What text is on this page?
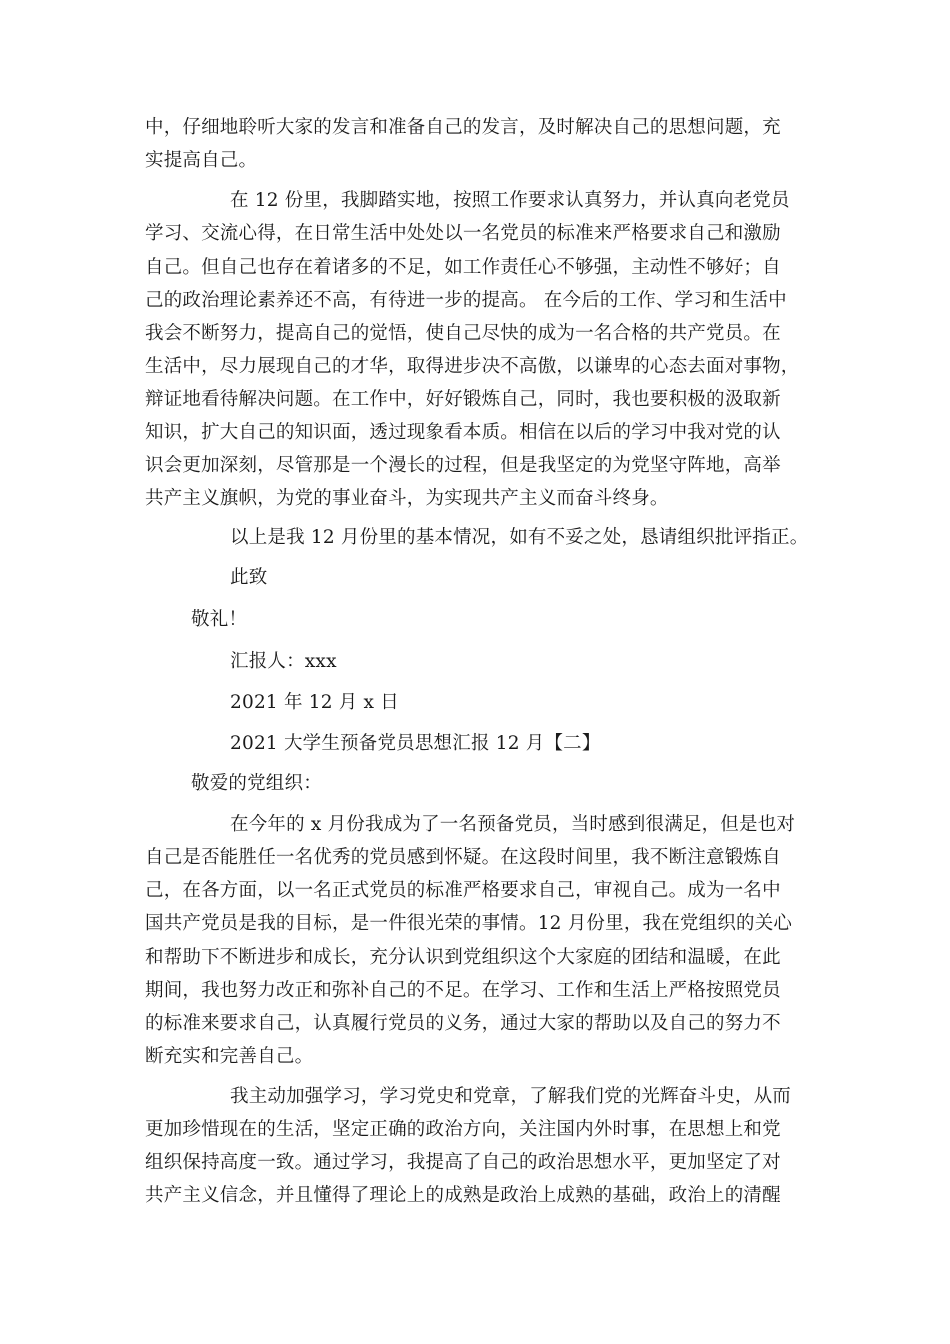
中，仔细地聆听大家的发言和准备自己的发言，及时解决自己的思想问题，充
实提高自己。
在 12 份里，我脚踏实地，按照工作要求认真努力，并认真向老党员
学习、交流心得，在日常生活中处处以一名党员的标准来严格要求自己和激励
自己。但自己也存在着诸多的不足，如工作责任心不够强，主动性不够好；自
己的政治理论素养还不高，有待进一步的提高。 在今后的工作、学习和生活中
我会不断努力，提高自己的觉悟，使自己尽快的成为一名合格的共产党员。在
生活中，尽力展现自己的才华，取得进步决不高傲，以谦卑的心态去面对事物，
辩证地看待解决问题。在工作中，好好锻炼自己，同时，我也要积极的汲取新
知识，扩大自己的知识面，透过现象看本质。相信在以后的学习中我对党的认
识会更加深刻，尽管那是一个漫长的过程，但是我坚定的为党坚守阵地，高举
共产主义旗帜，为党的事业奋斗，为实现共产主义而奋斗终身。
以上是我 12 月份里的基本情况，如有不妥之处，恳请组织批评指正。
此致
敬礼！
汇报人：xxx
2021 年 12 月 x 日
2021 大学生预备党员思想汇报 12 月【二】
敬爱的党组织：
在今年的 x 月份我成为了一名预备党员，当时感到很满足，但是也对
自己是否能胜任一名优秀的党员感到怀疑。在这段时间里，我不断注意锻炼自
己，在各方面，以一名正式党员的标准严格要求自己，审视自己。成为一名中
国共产党员是我的目标，是一件很光荣的事情。12 月份里，我在党组织的关心
和帮助下不断进步和成长，充分认识到党组织这个大家庭的团结和温暖，在此
期间，我也努力改正和弥补自己的不足。在学习、工作和生活上严格按照党员
的标准来要求自己，认真履行党员的义务，通过大家的帮助以及自己的努力不
断充实和完善自己。
我主动加强学习，学习党史和党章，了解我们党的光辉奋斗史，从而
更加珍惜现在的生活，坚定正确的政治方向，关注国内外时事，在思想上和党
组织保持高度一致。通过学习，我提高了自己的政治思想水平，更加坚定了对
共产主义信念，并且懂得了理论上的成熟是政治上成熟的基础，政治上的清醒
